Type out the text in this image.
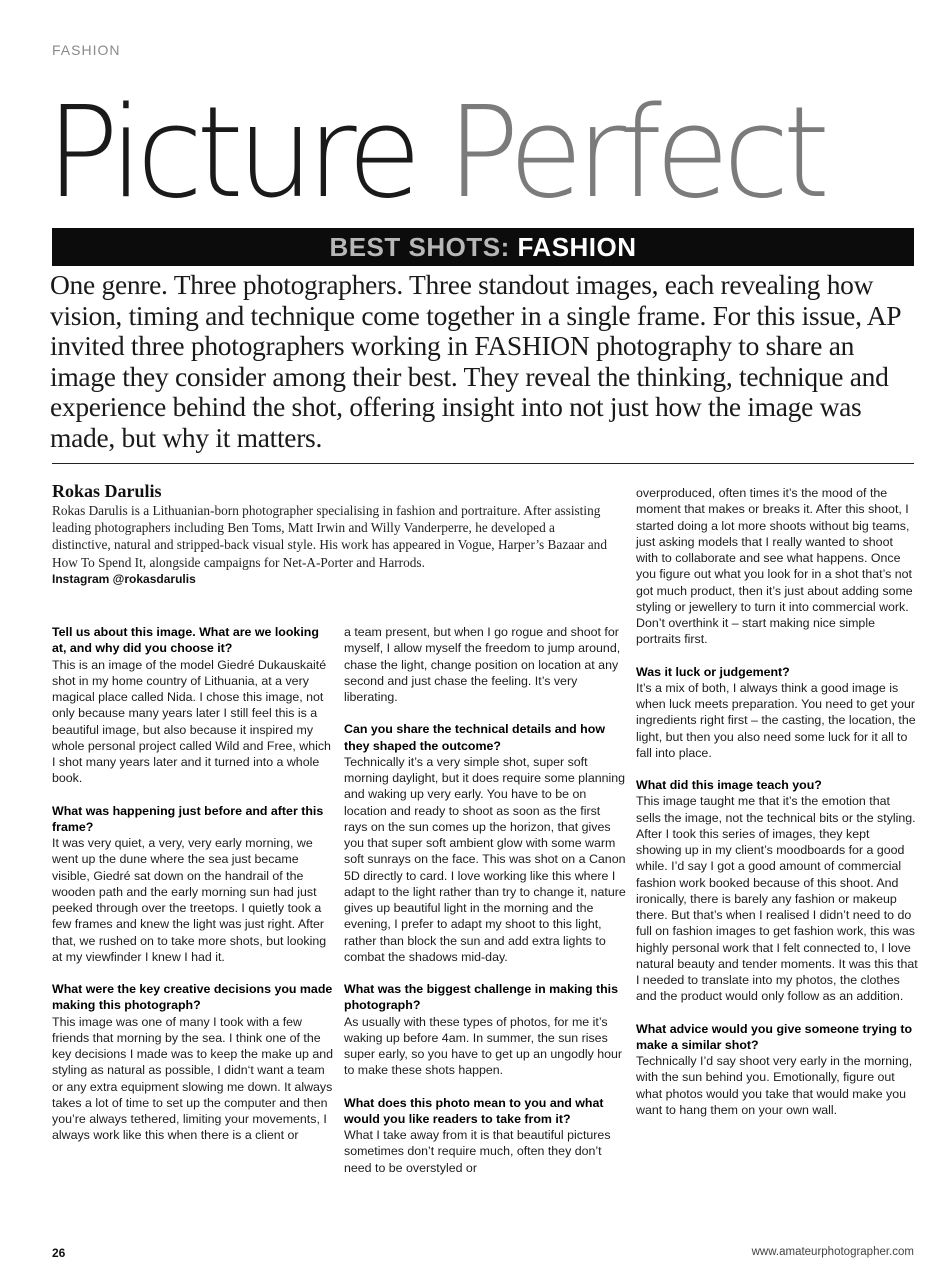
FASHION
Picture Perfect
BEST SHOTS: FASHION
One genre. Three photographers. Three standout images, each revealing how vision, timing and technique come together in a single frame. For this issue, AP invited three photographers working in FASHION photography to share an image they consider among their best. They reveal the thinking, technique and experience behind the shot, offering insight into not just how the image was made, but why it matters.
Rokas Darulis
Rokas Darulis is a Lithuanian-born photographer specialising in fashion and portraiture. After assisting leading photographers including Ben Toms, Matt Irwin and Willy Vanderperre, he developed a distinctive, natural and stripped-back visual style. His work has appeared in Vogue, Harper’s Bazaar and How To Spend It, alongside campaigns for Net-A-Porter and Harrods.
Instagram @rokasdarulis

Tell us about this image. What are we looking at, and why did you choose it?
This is an image of the model Giedré Dukauskaité shot in my home country of Lithuania, at a very magical place called Nida. I chose this image, not only because many years later I still feel this is a beautiful image, but also because it inspired my whole personal project called Wild and Free, which I shot many years later and it turned into a whole book.

What was happening just before and after this frame?
It was very quiet, a very, very early morning, we went up the dune where the sea just became visible, Giedré sat down on the handrail of the wooden path and the early morning sun had just peeked through over the treetops. I quietly took a few frames and knew the light was just right. After that, we rushed on to take more shots, but looking at my viewfinder I knew I had it.

What were the key creative decisions you made making this photograph?
This image was one of many I took with a few friends that morning by the sea. I think one of the key decisions I made was to keep the make up and styling as natural as possible, I didn‘t want a team or any extra equipment slowing me down. It always takes a lot of time to set up the computer and then you’re always tethered, limiting your movements, I always work like this when there is a client or

a team present, but when I go rogue and shoot for myself, I allow myself the freedom to jump around, chase the light, change position on location at any second and just chase the feeling. It’s very liberating.

Can you share the technical details and how they shaped the outcome?
Technically it’s a very simple shot, super soft morning daylight, but it does require some planning and waking up very early. You have to be on location and ready to shoot as soon as the first rays on the sun comes up the horizon, that gives you that super soft ambient glow with some warm soft sunrays on the face. This was shot on a Canon 5D directly to card. I love working like this where I adapt to the light rather than try to change it, nature gives up beautiful light in the morning and the evening, I prefer to adapt my shoot to this light, rather than block the sun and add extra lights to combat the shadows mid-day.

What was the biggest challenge in making this photograph?
As usually with these types of photos, for me it’s waking up before 4am. In summer, the sun rises super early, so you have to get up an ungodly hour to make these shots happen.

What does this photo mean to you and what would you like readers to take from it?
What I take away from it is that beautiful pictures sometimes don’t require much, often they don’t need to be overstyled or

overproduced, often times it’s the mood of the moment that makes or breaks it. After this shoot, I started doing a lot more shoots without big teams, just asking models that I really wanted to shoot with to collaborate and see what happens. Once you figure out what you look for in a shot that’s not got much product, then it’s just about adding some styling or jewellery to turn it into commercial work. Don’t overthink it – start making nice simple portraits first.

Was it luck or judgement?
It’s a mix of both, I always think a good image is when luck meets preparation. You need to get your ingredients right first – the casting, the location, the light, but then you also need some luck for it all to fall into place.

What did this image teach you?
This image taught me that it’s the emotion that sells the image, not the technical bits or the styling. After I took this series of images, they kept showing up in my client’s moodboards for a good while. I’d say I got a good amount of commercial fashion work booked because of this shoot. And ironically, there is barely any fashion or makeup there. But that’s when I realised I didn’t need to do full on fashion images to get fashion work, this was highly personal work that I felt connected to, I love natural beauty and tender moments. It was this that I needed to translate into my photos, the clothes and the product would only follow as an addition.

What advice would you give someone trying to make a similar shot?
Technically I’d say shoot very early in the morning, with the sun behind you. Emotionally, figure out what photos would you take that would make you want to hang them on your own wall.

26	www.amateurphotographer.com
